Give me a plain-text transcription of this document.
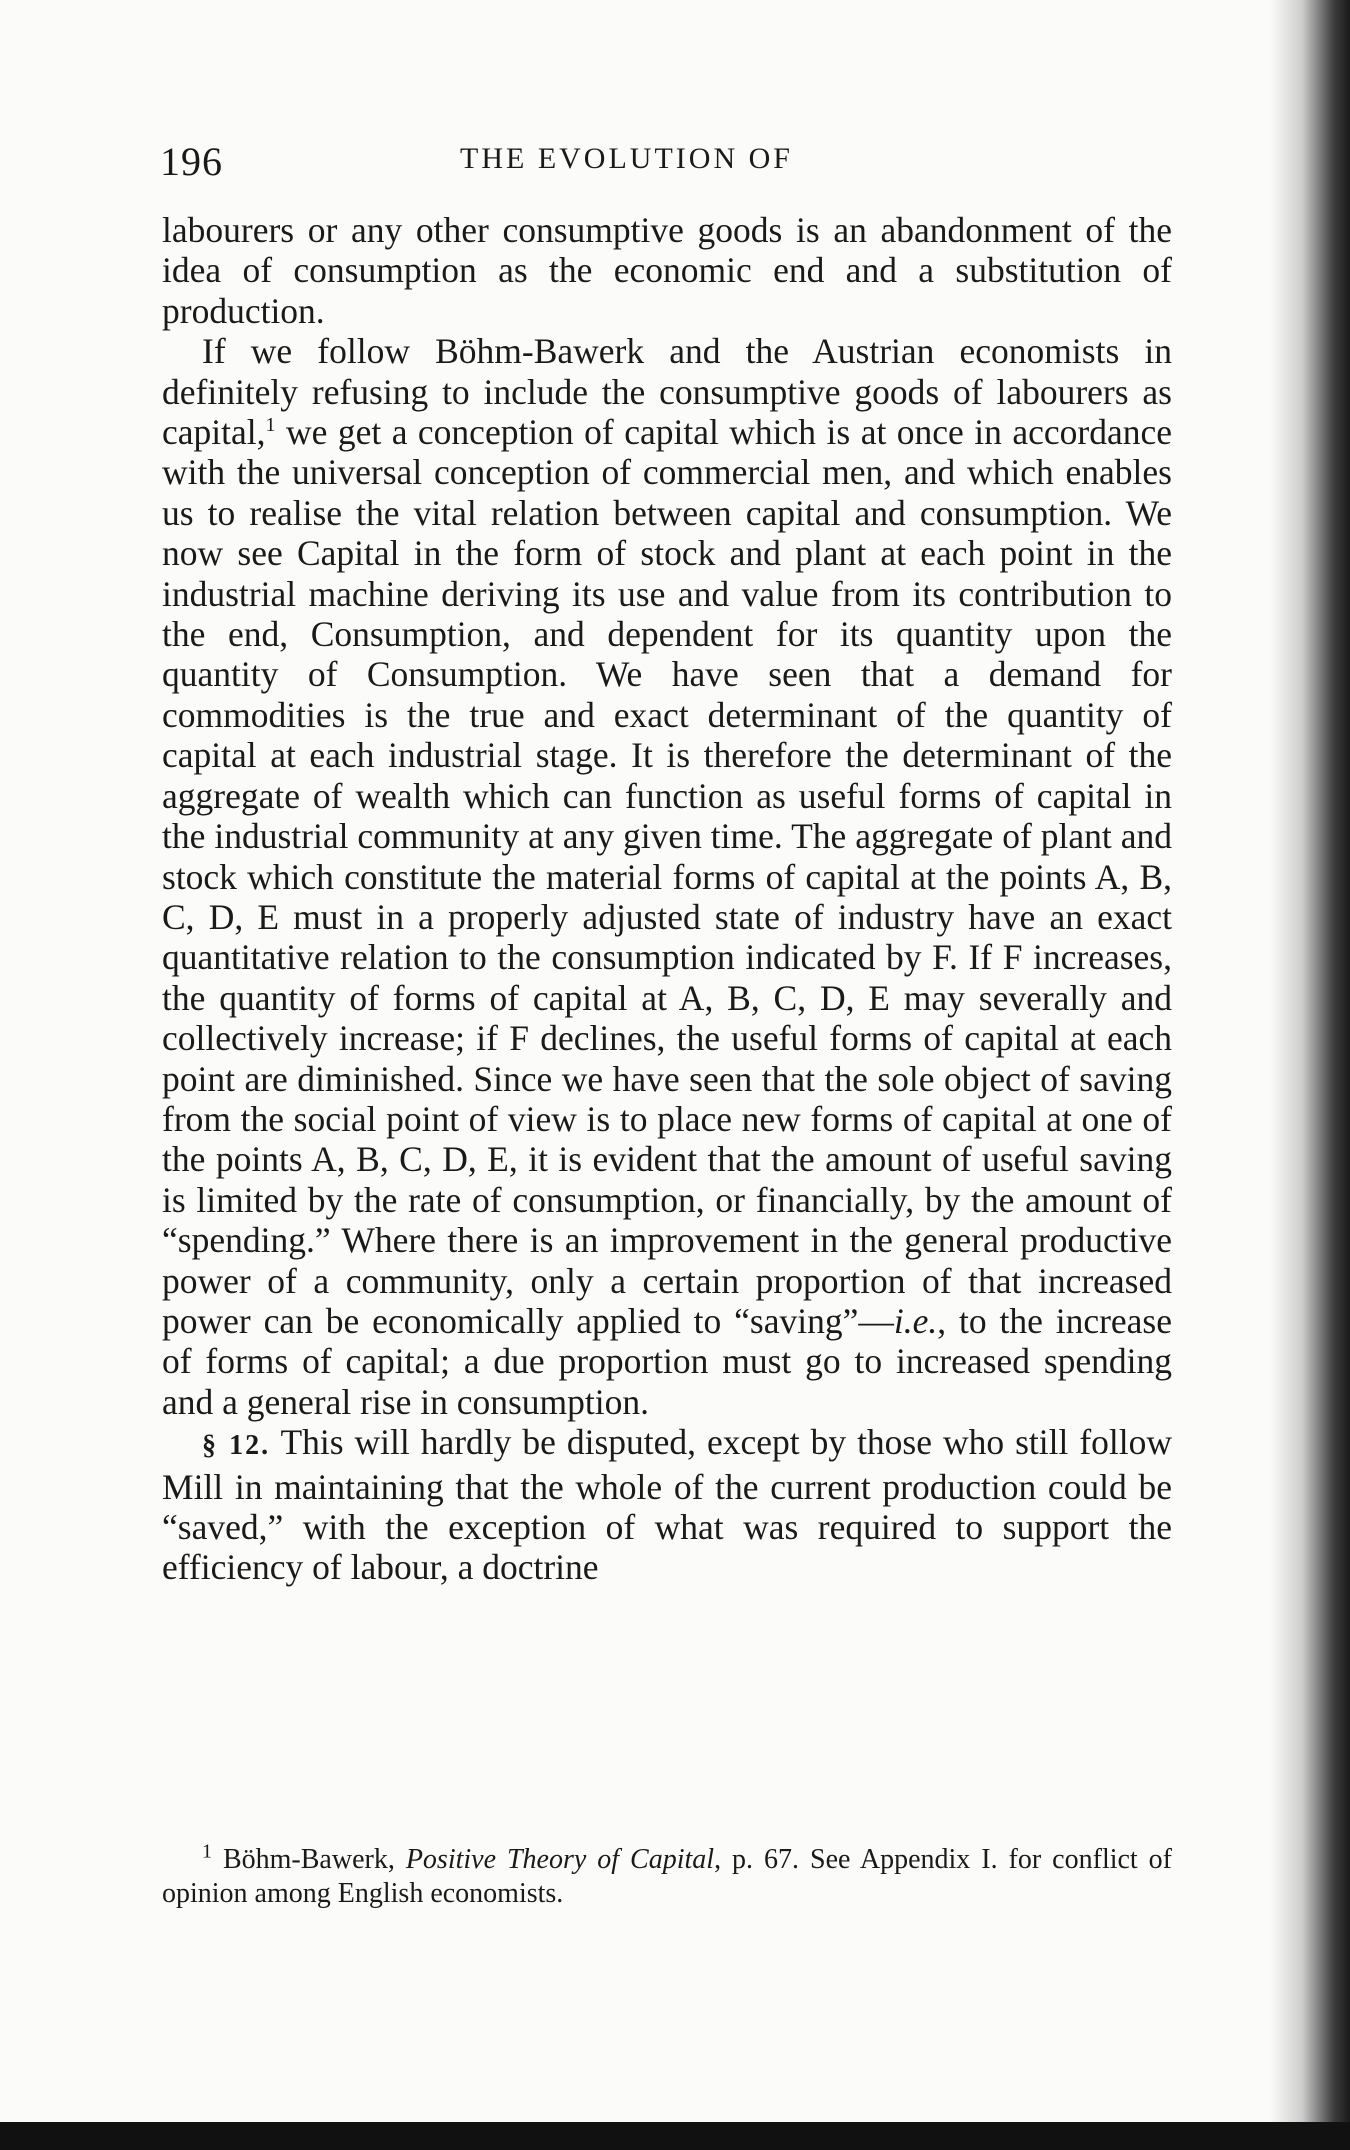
196	THE EVOLUTION OF

labourers or any other consumptive goods is an abandonment of the idea of consumption as the economic end and a substitution of production.

If we follow Böhm-Bawerk and the Austrian economists in definitely refusing to include the consumptive goods of labourers as capital,$^1$ we get a conception of capital which is at once in accordance with the universal conception of commercial men, and which enables us to realise the vital relation between capital and consumption. We now see Capital in the form of stock and plant at each point in the industrial machine deriving its use and value from its contribution to the end, Consumption, and dependent for its quantity upon the quantity of Consumption. We have seen that a demand for commodities is the true and exact determinant of the quantity of capital at each industrial stage. It is therefore the determinant of the aggregate of wealth which can function as useful forms of capital in the industrial community at any given time. The aggregate of plant and stock which constitute the material forms of capital at the points A, B, C, D, E must in a properly adjusted state of industry have an exact quantitative relation to the consumption indicated by F. If F increases, the quantity of forms of capital at A, B, C, D, E may severally and collectively increase; if F declines, the useful forms of capital at each point are diminished. Since we have seen that the sole object of saving from the social point of view is to place new forms of capital at one of the points A, B, C, D, E, it is evident that the amount of useful saving is limited by the rate of consumption, or financially, by the amount of “spending.” Where there is an improvement in the general productive power of a community, only a certain proportion of that increased power can be economically applied to “saving”—i.e., to the increase of forms of capital; a due proportion must go to increased spending and a general rise in consumption.

§ 12. This will hardly be disputed, except by those who still follow Mill in maintaining that the whole of the current production could be “saved,” with the exception of what was required to support the efficiency of labour, a doctrine

$^1$ Böhm-Bawerk, Positive Theory of Capital, p. 67. See Appendix I. for conflict of opinion among English economists.
